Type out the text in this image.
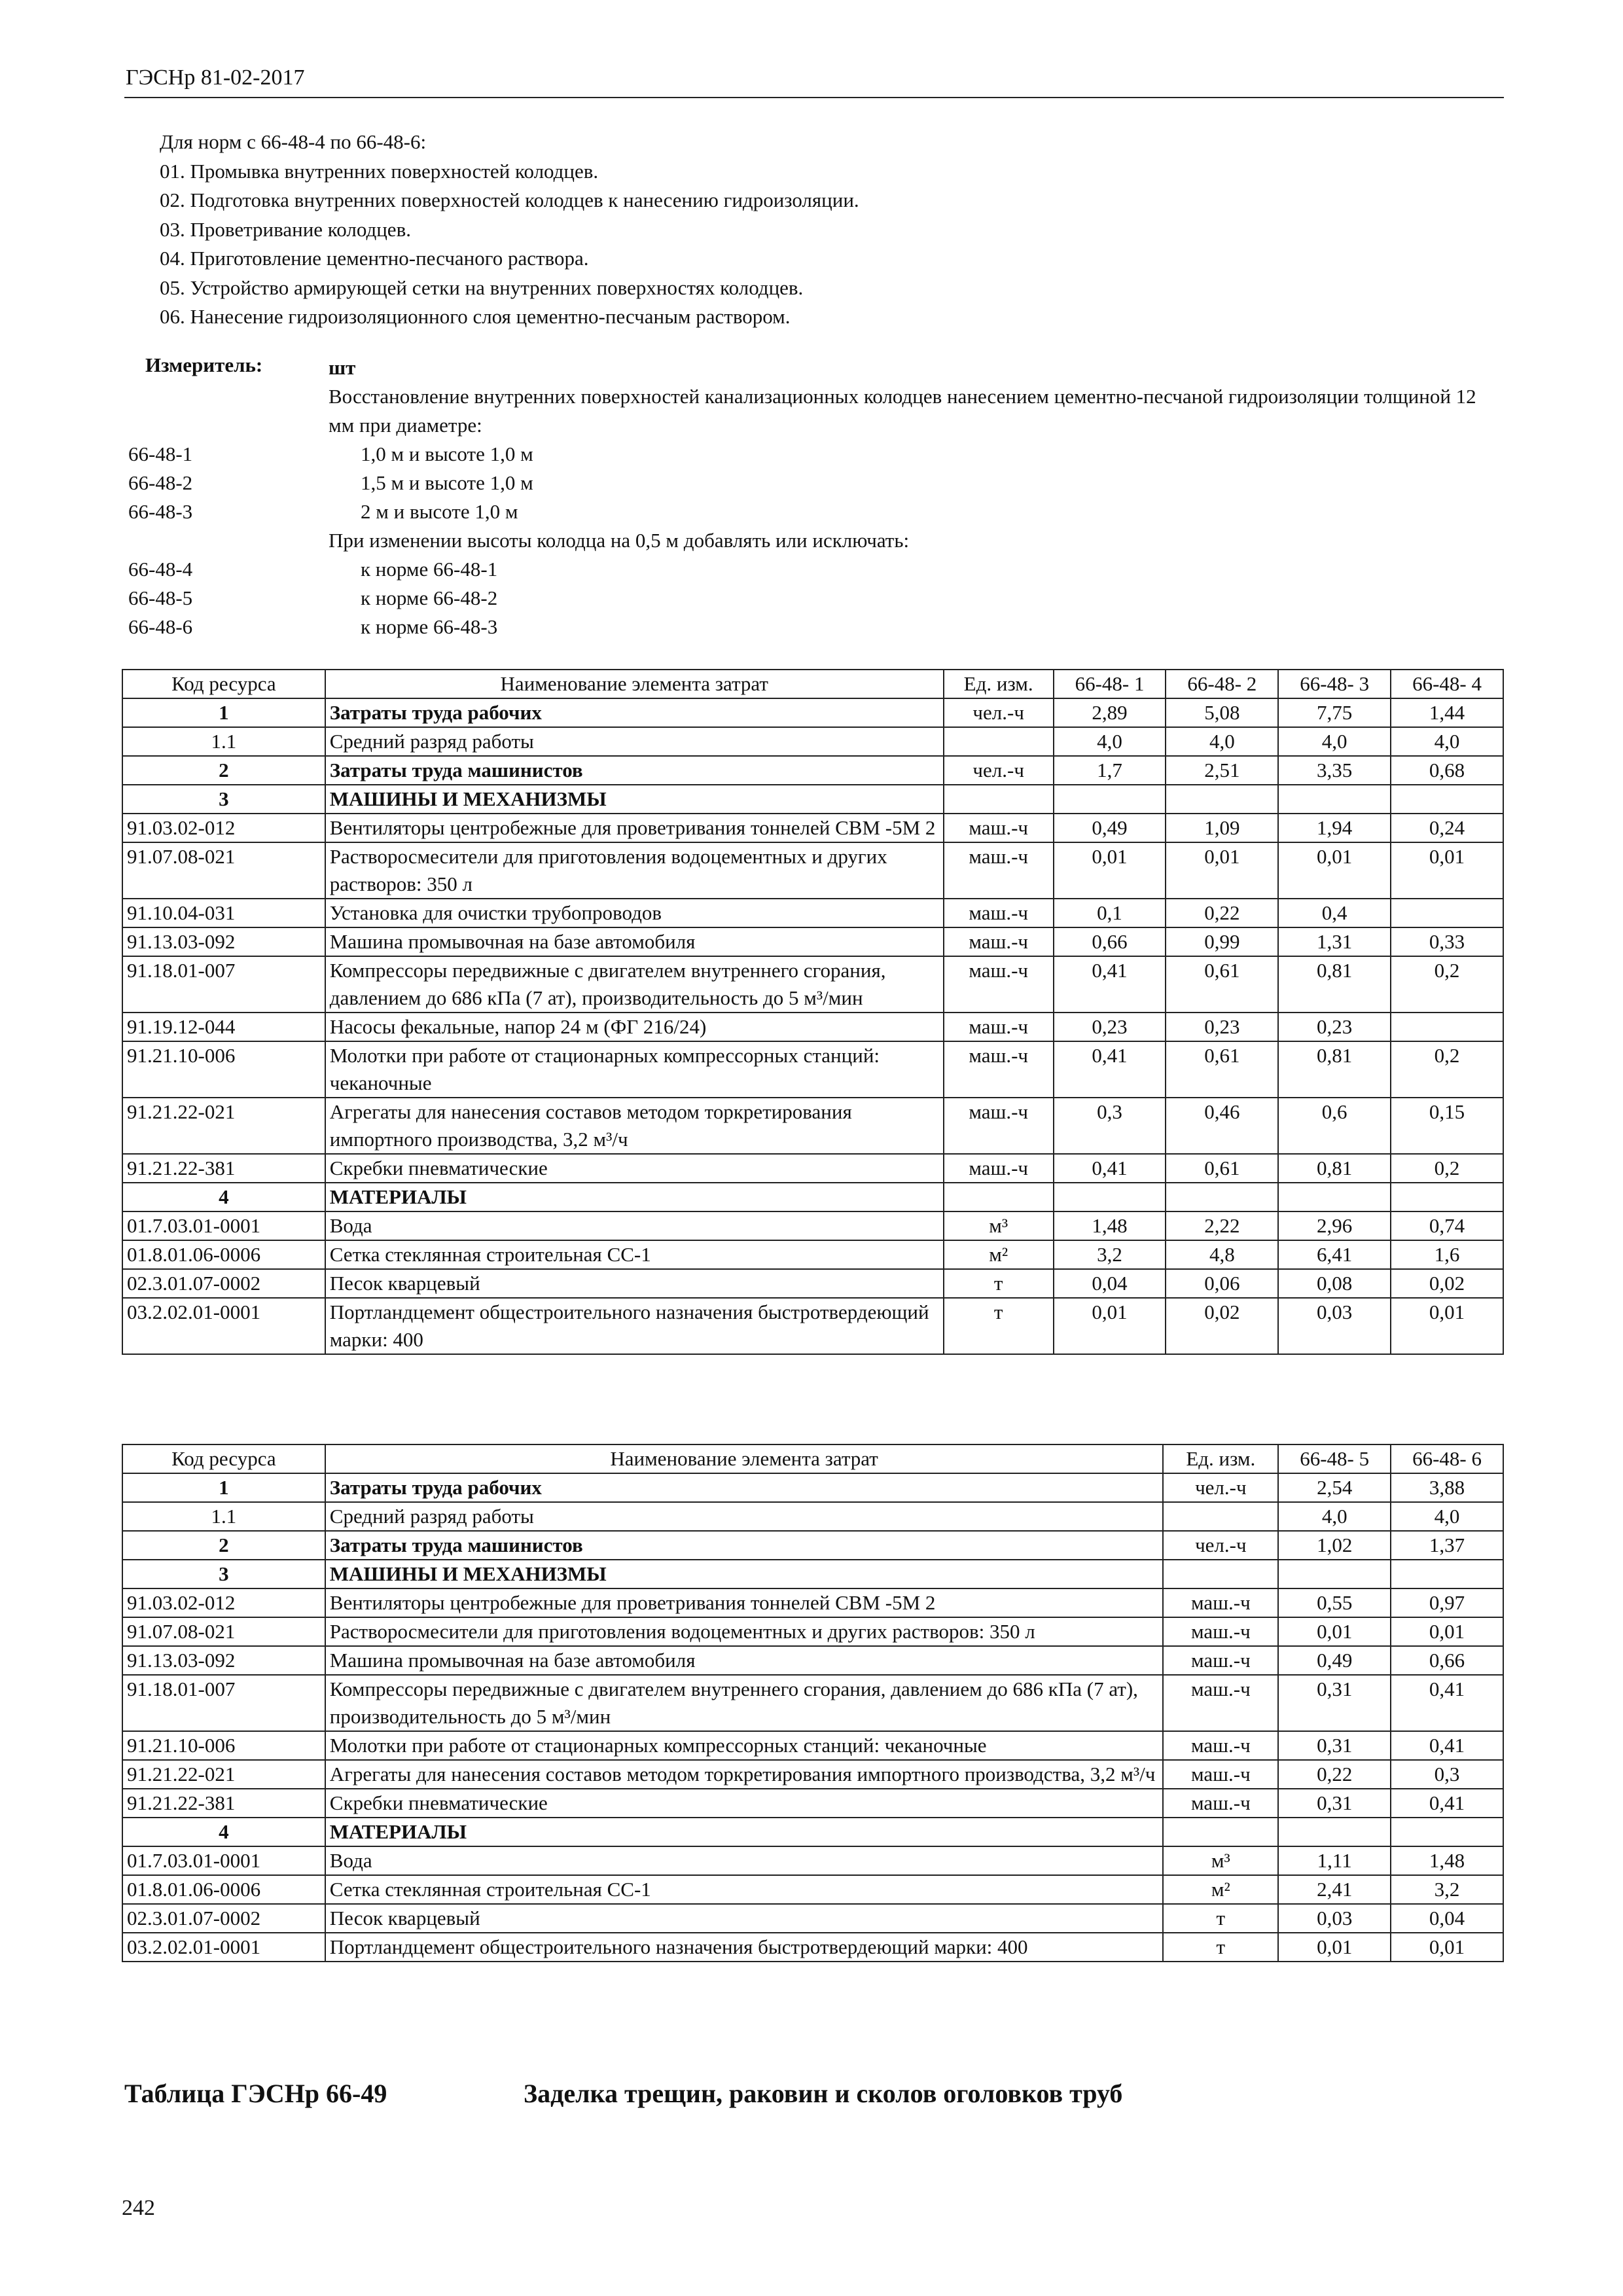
ГЭСНр 81-02-2017
Для норм с 66-48-4 по 66-48-6:
01. Промывка внутренних поверхностей колодцев.
02. Подготовка внутренних поверхностей колодцев к нанесению гидроизоляции.
03. Проветривание колодцев.
04. Приготовление цементно-песчаного раствора.
05. Устройство армирующей сетки на внутренних поверхностях колодцев.
06. Нанесение гидроизоляционного слоя цементно-песчаным раствором.
Измеритель:	шт
Восстановление внутренних поверхностей канализационных колодцев нанесением цементно-песчаной гидроизоляции толщиной 12 мм при диаметре:
66-48-1	1,0 м и высоте 1,0 м
66-48-2	1,5 м и высоте 1,0 м
66-48-3	2 м и высоте 1,0 м
При изменении высоты колодца на 0,5 м добавлять или исключать:
66-48-4	к норме 66-48-1
66-48-5	к норме 66-48-2
66-48-6	к норме 66-48-3
Код ресурса	Наименование элемента затрат	Ед. изм.	66-48- 1	66-48- 2	66-48- 3	66-48- 4
1	Затраты труда рабочих	чел.-ч	2,89	5,08	7,75	1,44
1.1	Средний разряд работы		4,0	4,0	4,0	4,0
2	Затраты труда машинистов	чел.-ч	1,7	2,51	3,35	0,68
3	МАШИНЫ И МЕХАНИЗМЫ					
91.03.02-012	Вентиляторы центробежные для проветривания тоннелей СВМ -5М 2	маш.-ч	0,49	1,09	1,94	0,24
91.07.08-021	Растворосмесители для приготовления водоцементных и других растворов: 350 л	маш.-ч	0,01	0,01	0,01	0,01
91.10.04-031	Установка для очистки трубопроводов	маш.-ч	0,1	0,22	0,4	
91.13.03-092	Машина промывочная на базе автомобиля	маш.-ч	0,66	0,99	1,31	0,33
91.18.01-007	Компрессоры передвижные с двигателем внутреннего сгорания, давлением до 686 кПа (7 ат), производительность до 5 м³/мин	маш.-ч	0,41	0,61	0,81	0,2
91.19.12-044	Насосы фекальные, напор 24 м (ФГ 216/24)	маш.-ч	0,23	0,23	0,23	
91.21.10-006	Молотки при работе от стационарных компрессорных станций: чеканочные	маш.-ч	0,41	0,61	0,81	0,2
91.21.22-021	Агрегаты для нанесения составов методом торкретирования импортного производства, 3,2 м³/ч	маш.-ч	0,3	0,46	0,6	0,15
91.21.22-381	Скребки пневматические	маш.-ч	0,41	0,61	0,81	0,2
4	МАТЕРИАЛЫ					
01.7.03.01-0001	Вода	м³	1,48	2,22	2,96	0,74
01.8.01.06-0006	Сетка стеклянная строительная СС-1	м²	3,2	4,8	6,41	1,6
02.3.01.07-0002	Песок кварцевый	т	0,04	0,06	0,08	0,02
03.2.02.01-0001	Портландцемент общестроительного назначения быстротвердеющий марки: 400	т	0,01	0,02	0,03	0,01
Код ресурса	Наименование элемента затрат	Ед. изм.	66-48- 5	66-48- 6
1	Затраты труда рабочих	чел.-ч	2,54	3,88
1.1	Средний разряд работы		4,0	4,0
2	Затраты труда машинистов	чел.-ч	1,02	1,37
3	МАШИНЫ И МЕХАНИЗМЫ			
91.03.02-012	Вентиляторы центробежные для проветривания тоннелей СВМ -5М 2	маш.-ч	0,55	0,97
91.07.08-021	Растворосмесители для приготовления водоцементных и других растворов: 350 л	маш.-ч	0,01	0,01
91.13.03-092	Машина промывочная на базе автомобиля	маш.-ч	0,49	0,66
91.18.01-007	Компрессоры передвижные с двигателем внутреннего сгорания, давлением до 686 кПа (7 ат), производительность до 5 м³/мин	маш.-ч	0,31	0,41
91.21.10-006	Молотки при работе от стационарных компрессорных станций: чеканочные	маш.-ч	0,31	0,41
91.21.22-021	Агрегаты для нанесения составов методом торкретирования импортного производства, 3,2 м³/ч	маш.-ч	0,22	0,3
91.21.22-381	Скребки пневматические	маш.-ч	0,31	0,41
4	МАТЕРИАЛЫ			
01.7.03.01-0001	Вода	м³	1,11	1,48
01.8.01.06-0006	Сетка стеклянная строительная СС-1	м²	2,41	3,2
02.3.01.07-0002	Песок кварцевый	т	0,03	0,04
03.2.02.01-0001	Портландцемент общестроительного назначения быстротвердеющий марки: 400	т	0,01	0,01
Таблица ГЭСНр 66-49	Заделка трещин, раковин и сколов оголовков труб
242
